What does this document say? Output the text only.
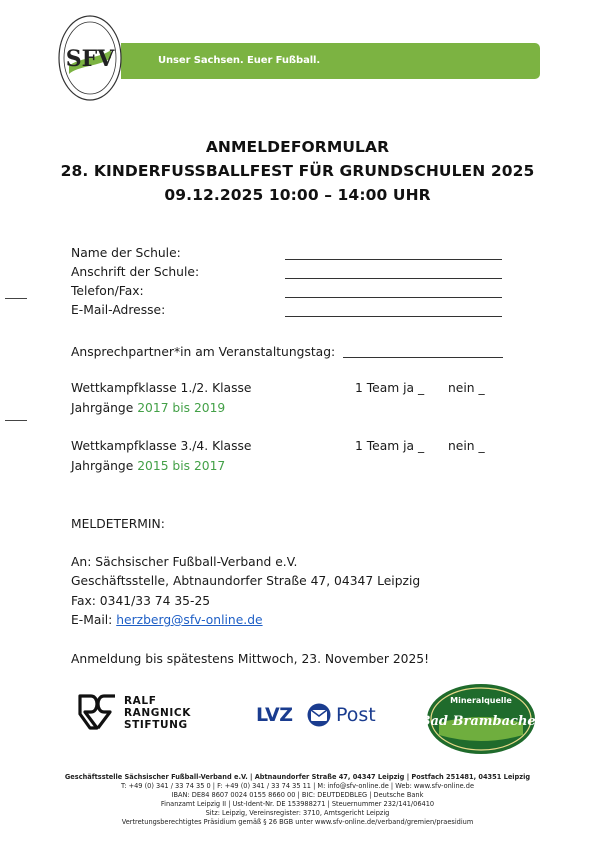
Unser Sachsen. Euer Fußball.
SFV
ANMELDEFORMULAR
28. KINDERFUSSBALLFEST FÜR GRUNDSCHULEN 2025
09.12.2025 10:00 – 14:00 UHR
Name der Schule:
Anschrift der Schule:
Telefon/Fax:
E-Mail-Adresse:
Ansprechpartner*in am Veranstaltungstag:
Wettkampfklasse 1./2. Klasse	1 Team ja _ nein _
Jahrgänge 2017 bis 2019
Wettkampfklasse 3./4. Klasse	1 Team ja _ nein _
Jahrgänge 2015 bis 2017
MELDETERMIN:
An: Sächsischer Fußball-Verband e.V.
Geschäftsstelle, Abtnaundorfer Straße 47, 04347 Leipzig
Fax: 0341/33 74 35-25
E-Mail: herzberg@sfv-online.de
Anmeldung bis spätestens Mittwoch, 23. November 2025!
RALF
RANGNICK
STIFTUNG	LVZ Post
Mineralquelle
Bad Brambacher
Geschäftsstelle Sächsischer Fußball-Verband e.V. | Abtnaundorfer Straße 47, 04347 Leipzig | Postfach 251481, 04351 Leipzig
T: +49 (0) 341 / 33 74 35 0 | F: +49 (0) 341 / 33 74 35 11 | M: info@sfv-online.de | Web: www.sfv-online.de
IBAN: DE84 8607 0024 0155 8660 00 | BIC: DEUTDEDBLEG | Deutsche Bank
Finanzamt Leipzig II | Ust-Ident-Nr. DE 153988271 | Steuernummer 232/141/06410
Sitz: Leipzig, Vereinsregister: 3710, Amtsgericht Leipzig
Vertretungsberechtigtes Präsidium gemäß § 26 BGB unter www.sfv-online.de/verband/gremien/praesidium
